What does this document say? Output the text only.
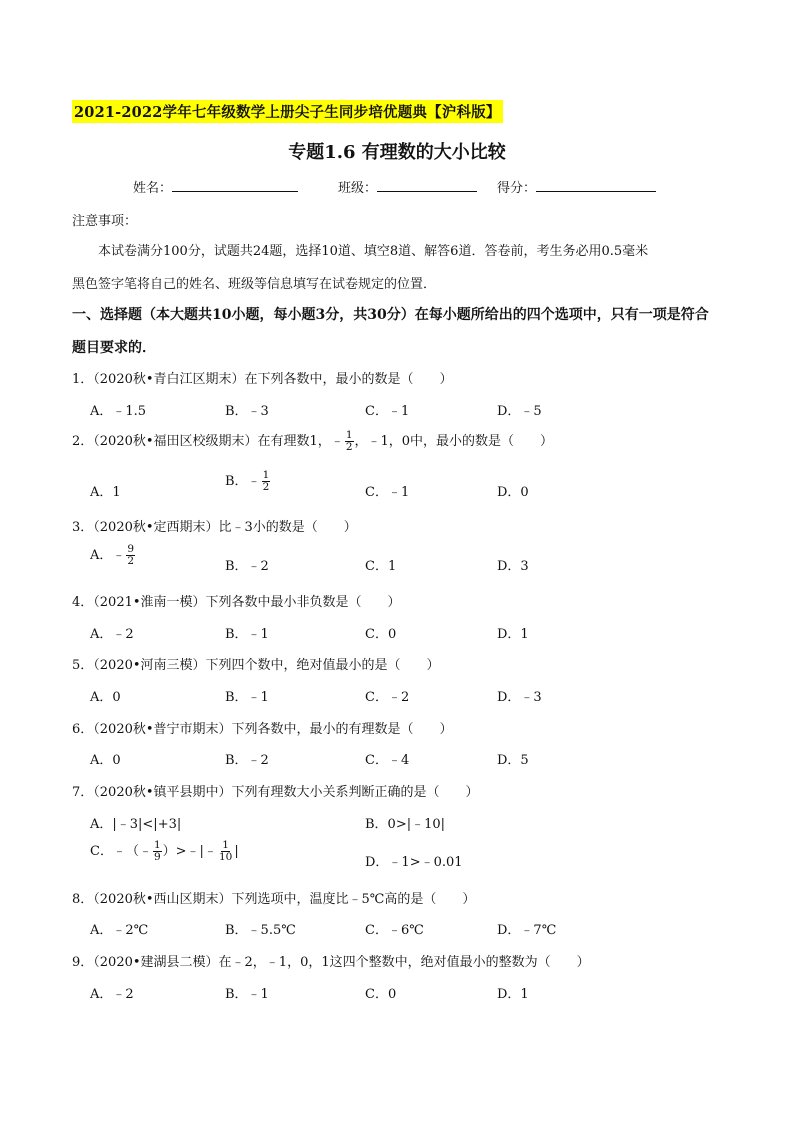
2021-2022学年七年级数学上册尖子生同步培优题典【沪科版】
专题1.6 有理数的大小比较
姓名：	班级：	得分：
注意事项：
本试卷满分100分，试题共24题，选择10道、填空8道、解答6道．答卷前，考生务必用0.5毫米
黑色签字笔将自己的姓名、班级等信息填写在试卷规定的位置．
一、选择题（本大题共10小题，每小题3分，共30分）在每小题所给出的四个选项中，只有一项是符合
题目要求的．
1．（2020秋•青白江区期末）在下列各数中，最小的数是（　　）
A．﹣1.5	B．﹣3	C．﹣1	D．﹣5
2．（2020秋•福田区校级期末）在有理数1，﹣ $\frac{1}{2}$ ，﹣1，0中，最小的数是（　　）
A．1
B．﹣ $\frac{1}{2}$	C．﹣1	D．0
3．（2020秋•定西期末）比﹣3小的数是（　　）
A．﹣ $\frac{9}{2}$	B．﹣2	C．1	D．3
4．（2021•淮南一模）下列各数中最小非负数是（　　）
A．﹣2	B．﹣1	C．0	D．1
5．（2020•河南三模）下列四个数中，绝对值最小的是（　　）
A．0	B．﹣1	C．﹣2	D．﹣3
6．（2020秋•普宁市期末）下列各数中，最小的有理数是（　　）
A．0	B．﹣2	C．﹣4	D．5
7．（2020秋•镇平县期中）下列有理数大小关系判断正确的是（　　）
A．|﹣3|<|+3|	B．0>|﹣10|
C．﹣（﹣ $\frac{1}{9}$ ）>﹣|﹣ $\frac{1}{10}$ |
D．﹣1>﹣0.01
8．（2020秋•西山区期末）下列选项中，温度比﹣5℃高的是（　　）
A．﹣2℃	B．﹣5.5℃	C．﹣6℃	D．﹣7℃
9．（2020•建湖县二模）在﹣2，﹣1，0，1这四个整数中，绝对值最小的整数为（　　）
A．﹣2	B．﹣1	C．0	D．1
